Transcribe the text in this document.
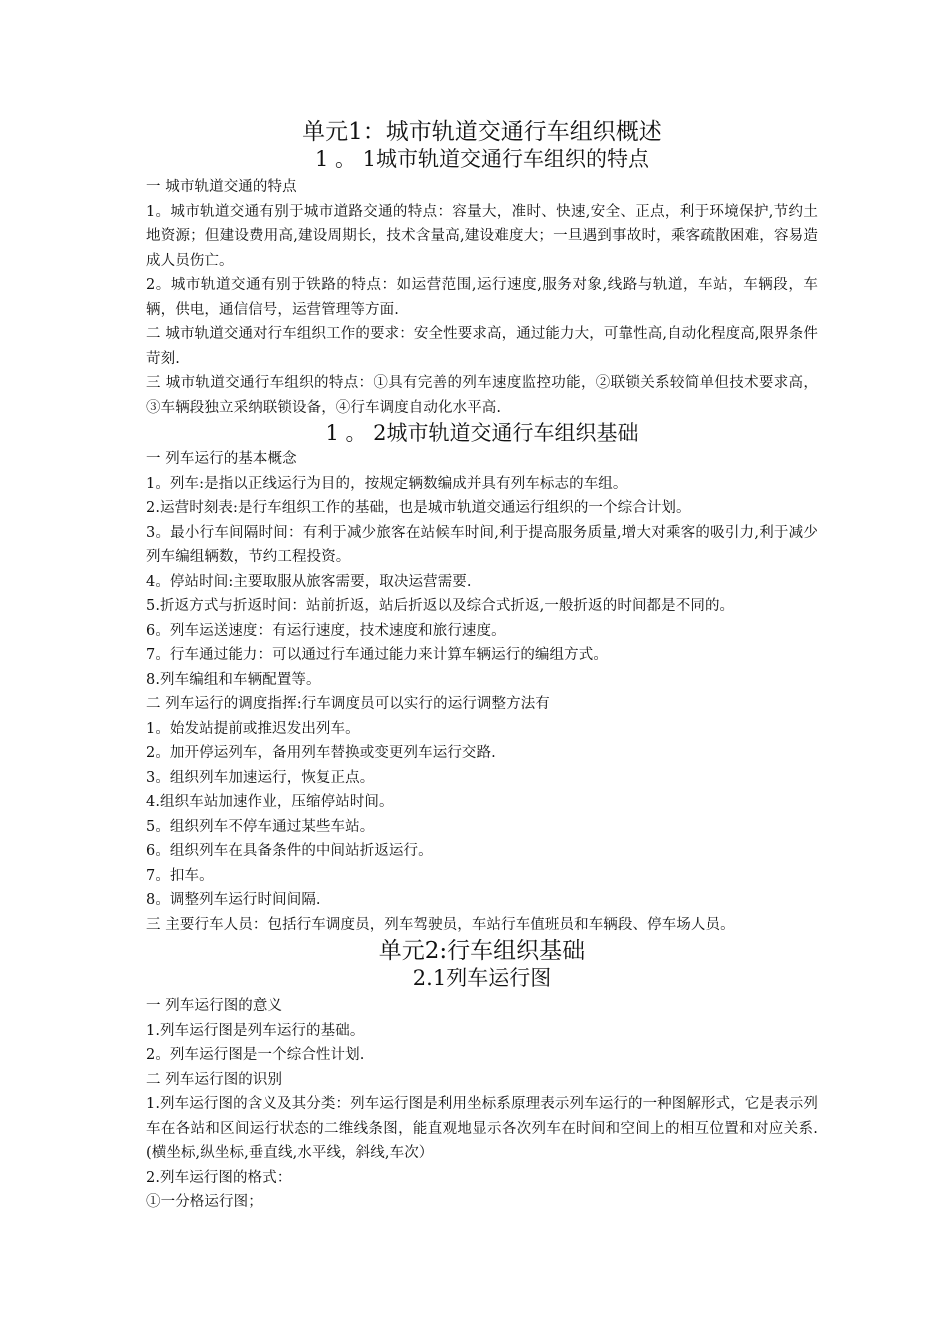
单元1：城市轨道交通行车组织概述
1 。 1城市轨道交通行车组织的特点

一 城市轨道交通的特点

1。城市轨道交通有别于城市道路交通的特点：容量大，准时、快速,安全、正点，利于环境保护,节约土地资源；但建设费用高,建设周期长，技术含量高,建设难度大；一旦遇到事故时，乘客疏散困难，容易造成人员伤亡。

2。城市轨道交通有别于铁路的特点：如运营范围,运行速度,服务对象,线路与轨道，车站，车辆段，车辆，供电，通信信号，运营管理等方面.

二 城市轨道交通对行车组织工作的要求：安全性要求高，通过能力大，可靠性高,自动化程度高,限界条件苛刻.

三 城市轨道交通行车组织的特点：①具有完善的列车速度监控功能，②联锁关系较简单但技术要求高，③车辆段独立采纳联锁设备，④行车调度自动化水平高.

1 。 2城市轨道交通行车组织基础

一 列车运行的基本概念

1。列车:是指以正线运行为目的，按规定辆数编成并具有列车标志的车组。

2.运营时刻表:是行车组织工作的基础，也是城市轨道交通运行组织的一个综合计划。

3。最小行车间隔时间：有利于减少旅客在站候车时间,利于提高服务质量,增大对乘客的吸引力,利于减少列车编组辆数，节约工程投资。

4。停站时间:主要取服从旅客需要，取决运营需要.

5.折返方式与折返时间：站前折返，站后折返以及综合式折返,一般折返的时间都是不同的。

6。列车运送速度：有运行速度，技术速度和旅行速度。

7。行车通过能力：可以通过行车通过能力来计算车辆运行的编组方式。

8.列车编组和车辆配置等。

二 列车运行的调度指挥:行车调度员可以实行的运行调整方法有

1。始发站提前或推迟发出列车。

2。加开停运列车，备用列车替换或变更列车运行交路.

3。组织列车加速运行，恢复正点。

4.组织车站加速作业，压缩停站时间。

5。组织列车不停车通过某些车站。

6。组织列车在具备条件的中间站折返运行。

7。扣车。

8。调整列车运行时间间隔.

三 主要行车人员：包括行车调度员，列车驾驶员，车站行车值班员和车辆段、停车场人员。

单元2:行车组织基础
2.1列车运行图

一 列车运行图的意义

1.列车运行图是列车运行的基础。

2。列车运行图是一个综合性计划.

二 列车运行图的识别

1.列车运行图的含义及其分类：列车运行图是利用坐标系原理表示列车运行的一种图解形式，它是表示列车在各站和区间运行状态的二维线条图，能直观地显示各次列车在时间和空间上的相互位置和对应关系.(横坐标,纵坐标,垂直线,水平线，斜线,车次）

2.列车运行图的格式：

①一分格运行图；
